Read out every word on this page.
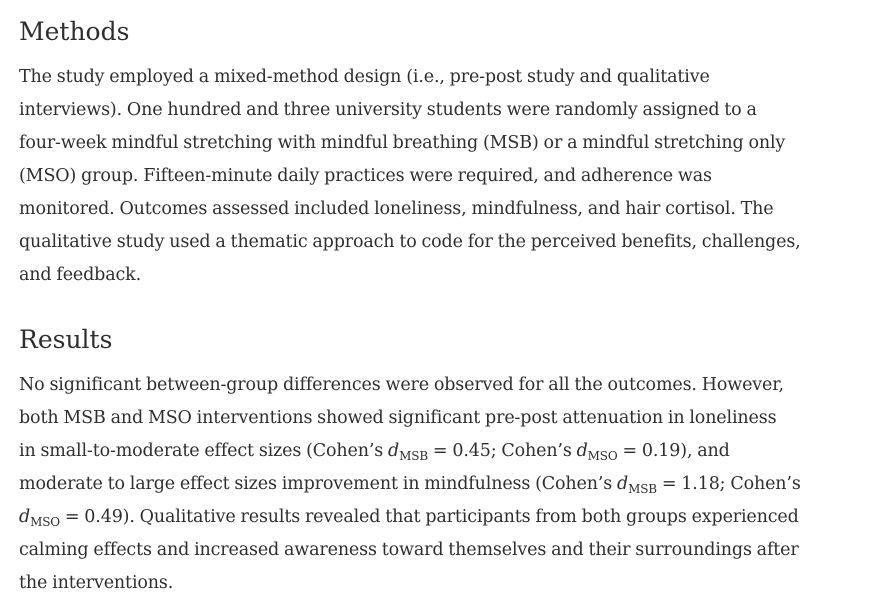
Methods
The study employed a mixed-method design (i.e., pre-post study and qualitative
interviews). One hundred and three university students were randomly assigned to a
four-week mindful stretching with mindful breathing (MSB) or a mindful stretching only
(MSO) group. Fifteen-minute daily practices were required, and adherence was
monitored. Outcomes assessed included loneliness, mindfulness, and hair cortisol. The
qualitative study used a thematic approach to code for the perceived benefits, challenges,
and feedback.
Results
No significant between-group differences were observed for all the outcomes. However,
both MSB and MSO interventions showed significant pre-post attenuation in loneliness
in small-to-moderate effect sizes (Cohen’s $d_{MSB} = 0.45$; Cohen’s $d_{MSO} = 0.19$), and
moderate to large effect sizes improvement in mindfulness (Cohen’s $d_{MSB} = 1.18$; Cohen’s
$d_{MSO} = 0.49$). Qualitative results revealed that participants from both groups experienced
calming effects and increased awareness toward themselves and their surroundings after
the interventions.
